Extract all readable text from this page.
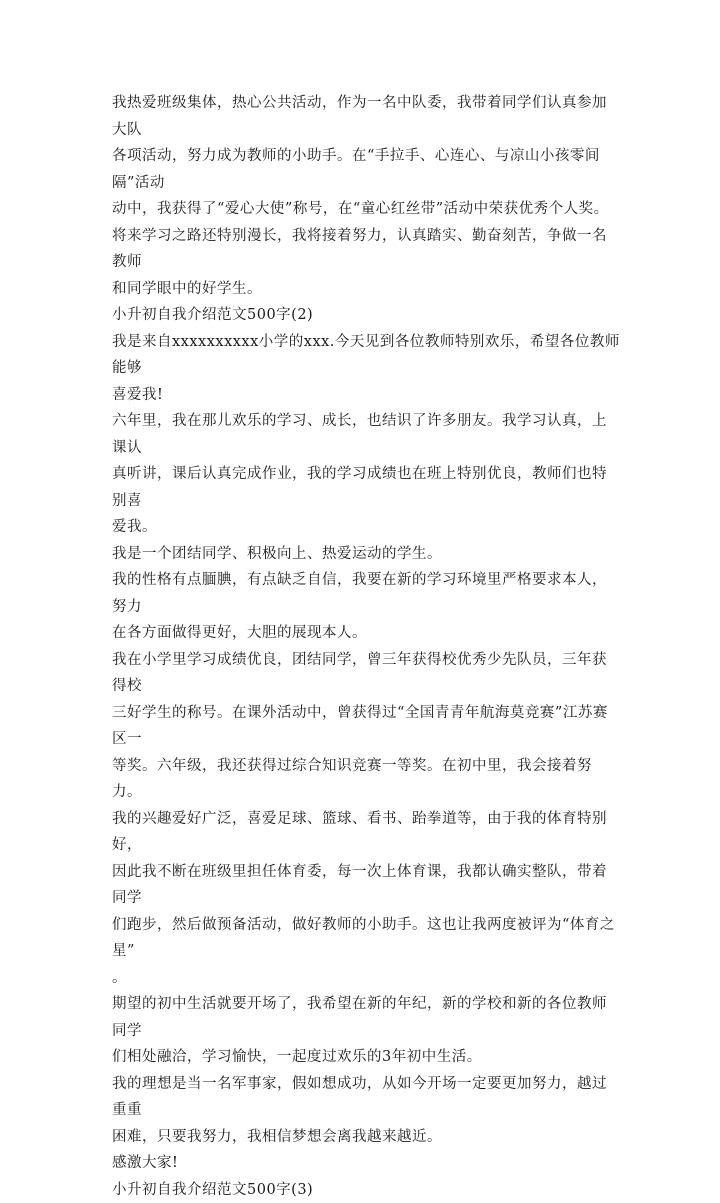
我热爱班级集体，热心公共活动，作为一名中队委，我带着同学们认真参加大队
各项活动，努力成为教师的小助手。在“手拉手、心连心、与凉山小孩零间隔”活动
动中，我获得了“爱心大使”称号，在“童心红丝带”活动中荣获优秀个人奖。
将来学习之路还特别漫长，我将接着努力，认真踏实、勤奋刻苦，争做一名教师
和同学眼中的好学生。
小升初自我介绍范文500字(2)
我是来自xxxxxxxxxx小学的xxx.今天见到各位教师特别欢乐，希望各位教师能够
喜爱我!
六年里，我在那儿欢乐的学习、成长，也结识了许多朋友。我学习认真，上课认
真听讲，课后认真完成作业，我的学习成绩也在班上特别优良，教师们也特别喜
爱我。
我是一个团结同学、积极向上、热爱运动的学生。
我的性格有点腼腆，有点缺乏自信，我要在新的学习环境里严格要求本人，努力
在各方面做得更好，大胆的展现本人。
我在小学里学习成绩优良，团结同学，曾三年获得校优秀少先队员，三年获得校
三好学生的称号。在课外活动中，曾获得过“全国青青年航海莫竞赛”江苏赛区一
等奖。六年级，我还获得过综合知识竞赛一等奖。在初中里，我会接着努力。
我的兴趣爱好广泛，喜爱足球、篮球、看书、跆拳道等，由于我的体育特别好，
因此我不断在班级里担任体育委，每一次上体育课，我都认确实整队，带着同学
们跑步，然后做预备活动，做好教师的小助手。这也让我两度被评为“体育之星”
。
期望的初中生活就要开场了，我希望在新的年纪，新的学校和新的各位教师同学
们相处融洽，学习愉快，一起度过欢乐的3年初中生活。
我的理想是当一名军事家，假如想成功，从如今开场一定要更加努力，越过重重
困难，只要我努力，我相信梦想会离我越来越近。
感激大家!
小升初自我介绍范文500字(3)
